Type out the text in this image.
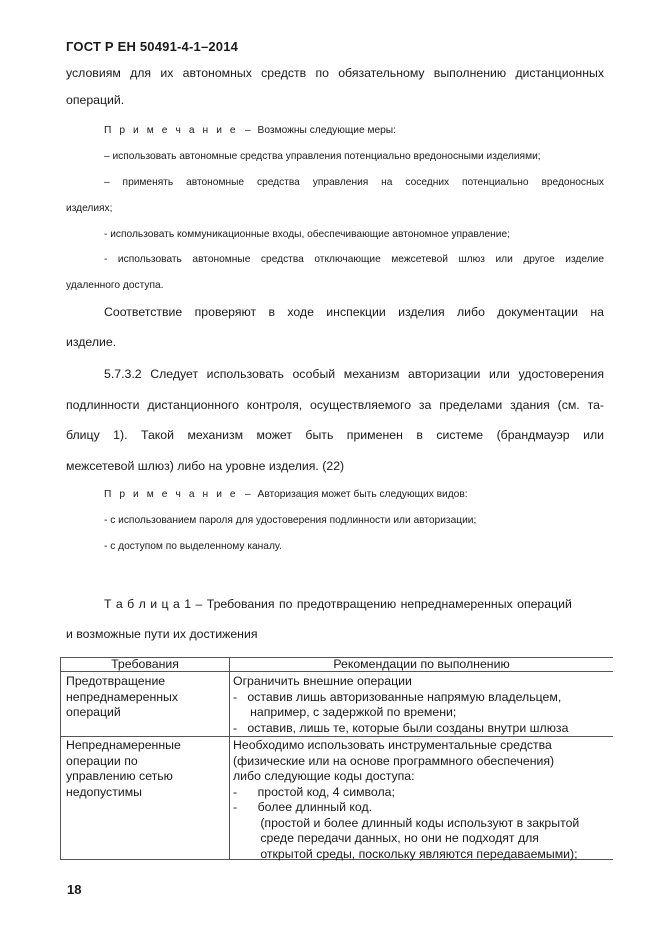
ГОСТ Р ЕН 50491-4-1–2014
условиям для их автономных средств по обязательному выполнению дистанционных
операций.
П р и м е ч а н и е – Возможны следующие меры:
– использовать автономные средства управления потенциально вредоносными изделиями;
– применять автономные средства управления на соседних потенциально вредоносных
изделиях;
- использовать коммуникационные входы, обеспечивающие автономное управление;
- использовать автономные средства отключающие межсетевой шлюз или другое изделие
удаленного доступа.
Соответствие проверяют в ходе инспекции изделия либо документации на
изделие.
5.7.3.2 Следует использовать особый механизм авторизации или удостоверения
подлинности дистанционного контроля, осуществляемого за пределами здания (см. та-
блицу 1). Такой механизм может быть применен в системе (брандмауэр или
межсетевой шлюз) либо на уровне изделия. (22)
П р и м е ч а н и е – Авторизация может быть следующих видов:
- с использованием пароля для удостоверения подлинности или авторизации;
- с доступом по выделенному каналу.
Т а б л и ц а 1 – Требования по предотвращению непреднамеренных операций
и возможные пути их достижения
Требования	Рекомендации по выполнению
Предотвращение
непреднамеренных
операций
Ограничить внешние операции
-   оставив лишь авторизованные напрямую владельцем,
например, с задержкой по времени;
-   оставив, лишь те, которые были созданы внутри шлюза
Непреднамеренные
операции по
управлению сетью
недопустимы
Необходимо использовать инструментальные средства
(физические или на основе программного обеспечения)
либо следующие коды доступа:
-      простой код, 4 символа;
-      более длинный код.
(простой и более длинный коды используют в закрытой
среде передачи данных, но они не подходят для
открытой среды, поскольку являются передаваемыми);
18
